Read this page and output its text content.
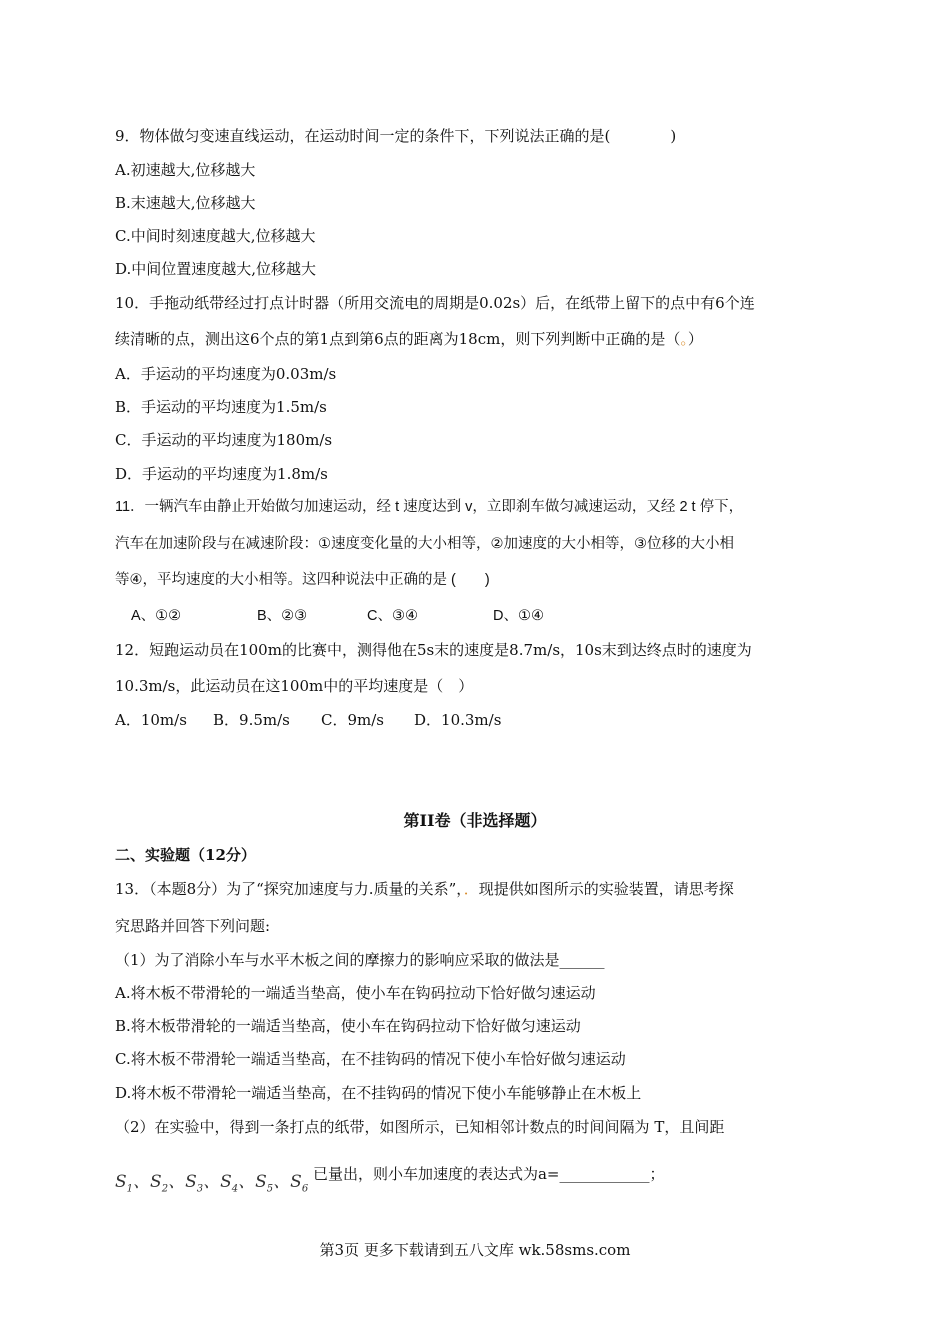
9．物体做匀变速直线运动，在运动时间一定的条件下，下列说法正确的是(　　　　)
A.初速越大,位移越大
B.末速越大,位移越大
C.中间时刻速度越大,位移越大
D.中间位置速度越大,位移越大
10．手拖动纸带经过打点计时器（所用交流电的周期是0.02s）后，在纸带上留下的点中有6个连
续清晰的点，测出这6个点的第1点到第6点的距离为18cm，则下列判断中正确的是（。）
A．手运动的平均速度为0.03m/s
B．手运动的平均速度为1.5m/s
C．手运动的平均速度为180m/s
D．手运动的平均速度为1.8m/s
11．一辆汽车由静止开始做匀加速运动，经 t 速度达到 v，立即刹车做匀减速运动，又经 2 t 停下，
汽车在加速阶段与在减速阶段：①速度变化量的大小相等，②加速度的大小相等，③位移的大小相
等④，平均速度的大小相等。这四种说法中正确的是 (　　)
A、①②	B、②③	C、③④	D、①④
12．短跑运动员在100m的比赛中，测得他在5s末的速度是8.7m/s，10s末到达终点时的速度为
10.3m/s，此运动员在这100m中的平均速度是（　）
A．10m/s B．9.5m/s C．9m/s D．10.3m/s
第II卷（非选择题）
二、实验题（12分）
13．（本题8分）为了“探究加速度与力.质量的关系”，．现提供如图所示的实验装置，请思考探
究思路并回答下列问题:
（1）为了消除小车与水平木板之间的摩擦力的影响应采取的做法是______
A.将木板不带滑轮的一端适当垫高，使小车在钩码拉动下恰好做匀速运动
B.将木板带滑轮的一端适当垫高，使小车在钩码拉动下恰好做匀速运动
C.将木板不带滑轮一端适当垫高，在不挂钩码的情况下使小车恰好做匀速运动
D.将木板不带滑轮一端适当垫高，在不挂钩码的情况下使小车能够静止在木板上
（2）在实验中，得到一条打点的纸带，如图所示，已知相邻计数点的时间间隔为 T，且间距
$S_1$、$S_2$、$S_3$、$S_4$、$S_5$、$S_6$ 已量出，则小车加速度的表达式为a=____________；
第3页 更多下载请到五八文库 wk.58sms.com
